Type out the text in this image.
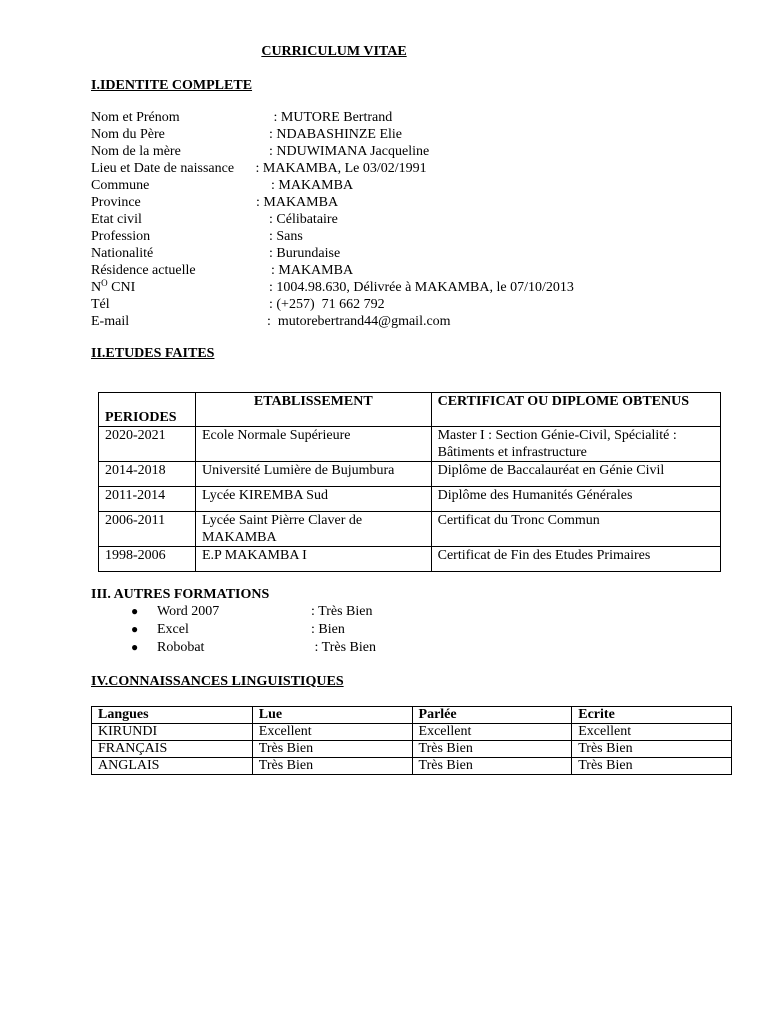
CURRICULUM VITAE
I.IDENTITE COMPLETE
Nom et Prénom	: MUTORE Bertrand
Nom du Père	: NDABASHINZE Elie
Nom de la mère	: NDUWIMANA Jacqueline
Lieu et Date de naissance : MAKAMBA, Le 03/02/1991
Commune	: MAKAMBA
Province	: MAKAMBA
Etat civil	: Célibataire
Profession	: Sans
Nationalité	: Burundaise
Résidence actuelle	: MAKAMBA
$N^O$ CNI	: 1004.98.630, Délivrée à MAKAMBA, le 07/10/2013
Tél	: (+257)  71 662 792
E-mail	:  mutorebertrand44@gmail.com
II.ETUDES FAITES
PERIODES	ETABLISSEMENT	CERTIFICAT OU DIPLOME OBTENUS
2020-2021	Ecole Normale Supérieure	Master I : Section Génie-Civil, Spécialité : Bâtiments et infrastructure
2014-2018	Université Lumière de Bujumbura	Diplôme de Baccalauréat en Génie Civil
2011-2014	Lycée KIREMBA Sud	Diplôme des Humanités Générales
2006-2011	Lycée Saint Pièrre Claver de MAKAMBA	Certificat du Tronc Commun
1998-2006	E.P MAKAMBA I	Certificat de Fin des Etudes Primaires
III. AUTRES FORMATIONS
● Word 2007	: Très Bien
● Excel	: Bien
● Robobat	: Très Bien
IV.CONNAISSANCES LINGUISTIQUES
Langues	Lue	Parlée	Ecrite
KIRUNDI	Excellent	Excellent	Excellent
FRANÇAIS	Très Bien	Très Bien	Très Bien
ANGLAIS	Très Bien	Très Bien	Très Bien
